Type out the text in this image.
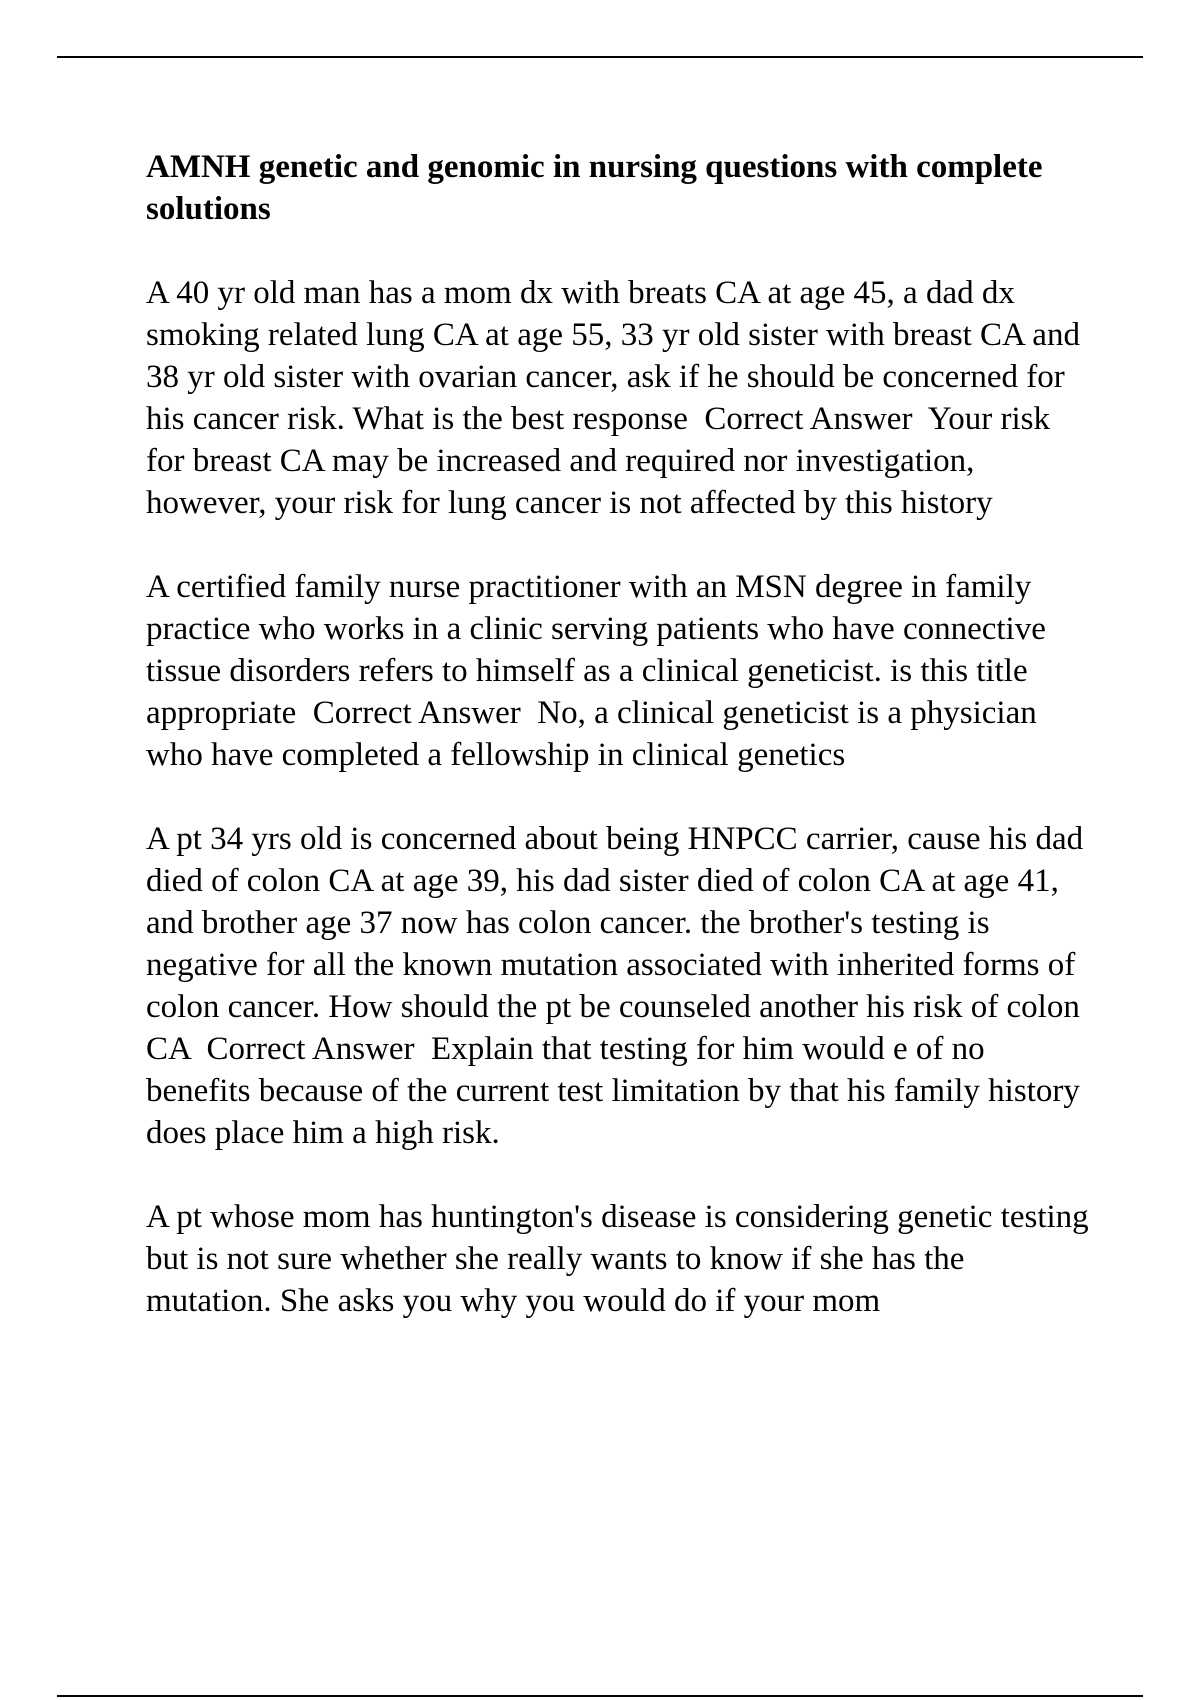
AMNH genetic and genomic in nursing questions with complete solutions

A 40 yr old man has a mom dx with breats CA at age 45, a dad dx smoking related lung CA at age 55, 33 yr old sister with breast CA and 38 yr old sister with ovarian cancer, ask if he should be concerned for his cancer risk. What is the best response  Correct Answer  Your risk for breast CA may be increased and required nor investigation, however, your risk for lung cancer is not affected by this history

A certified family nurse practitioner with an MSN degree in family practice who works in a clinic serving patients who have connective tissue disorders refers to himself as a clinical geneticist. is this title appropriate  Correct Answer  No, a clinical geneticist is a physician who have completed a fellowship in clinical genetics

A pt 34 yrs old is concerned about being HNPCC carrier, cause his dad died of colon CA at age 39, his dad sister died of colon CA at age 41, and brother age 37 now has colon cancer. the brother's testing is negative for all the known mutation associated with inherited forms of colon cancer. How should the pt be counseled another his risk of colon CA  Correct Answer  Explain that testing for him would e of no benefits because of the current test limitation by that his family history does place him a high risk.

A pt whose mom has huntington's disease is considering genetic testing but is not sure whether she really wants to know if she has the mutation. She asks you why you would do if your mom
